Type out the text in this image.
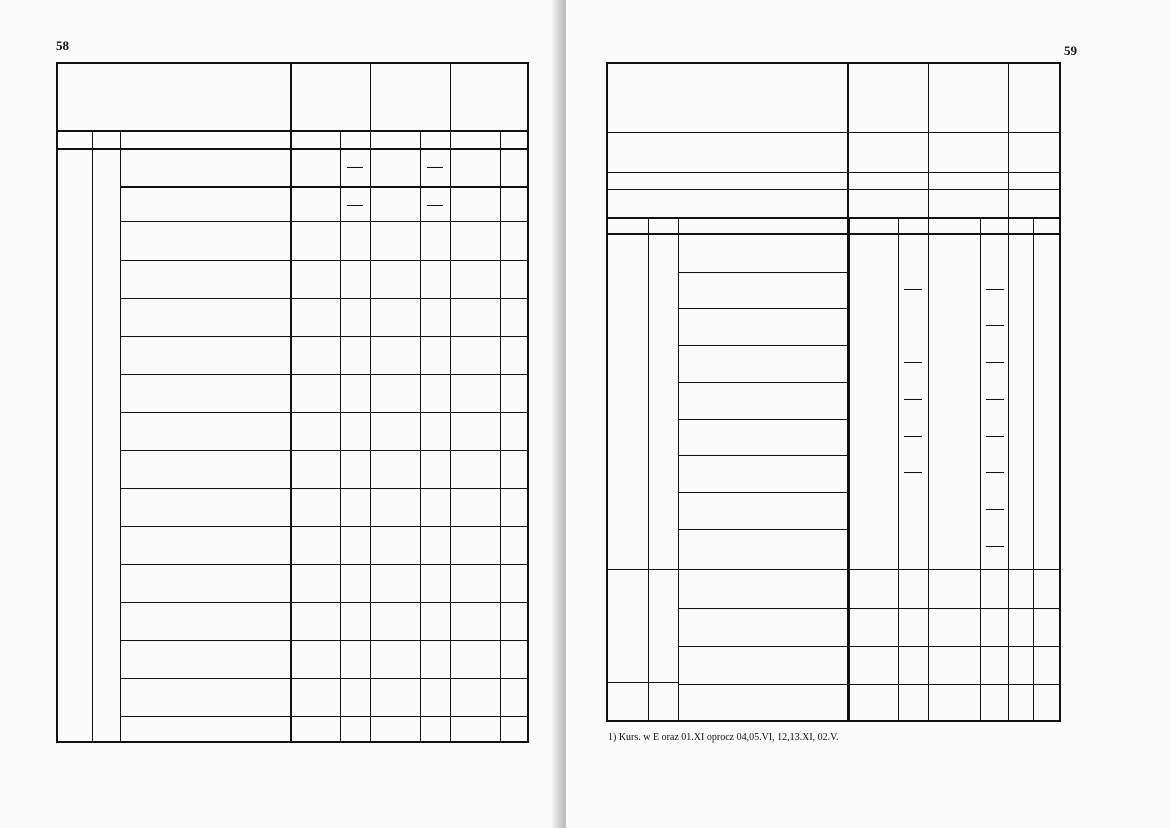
58	59
1) Kurs. w E oraz 01.XI oprocz 04,05.VI, 12,13.XI, 02.V.
